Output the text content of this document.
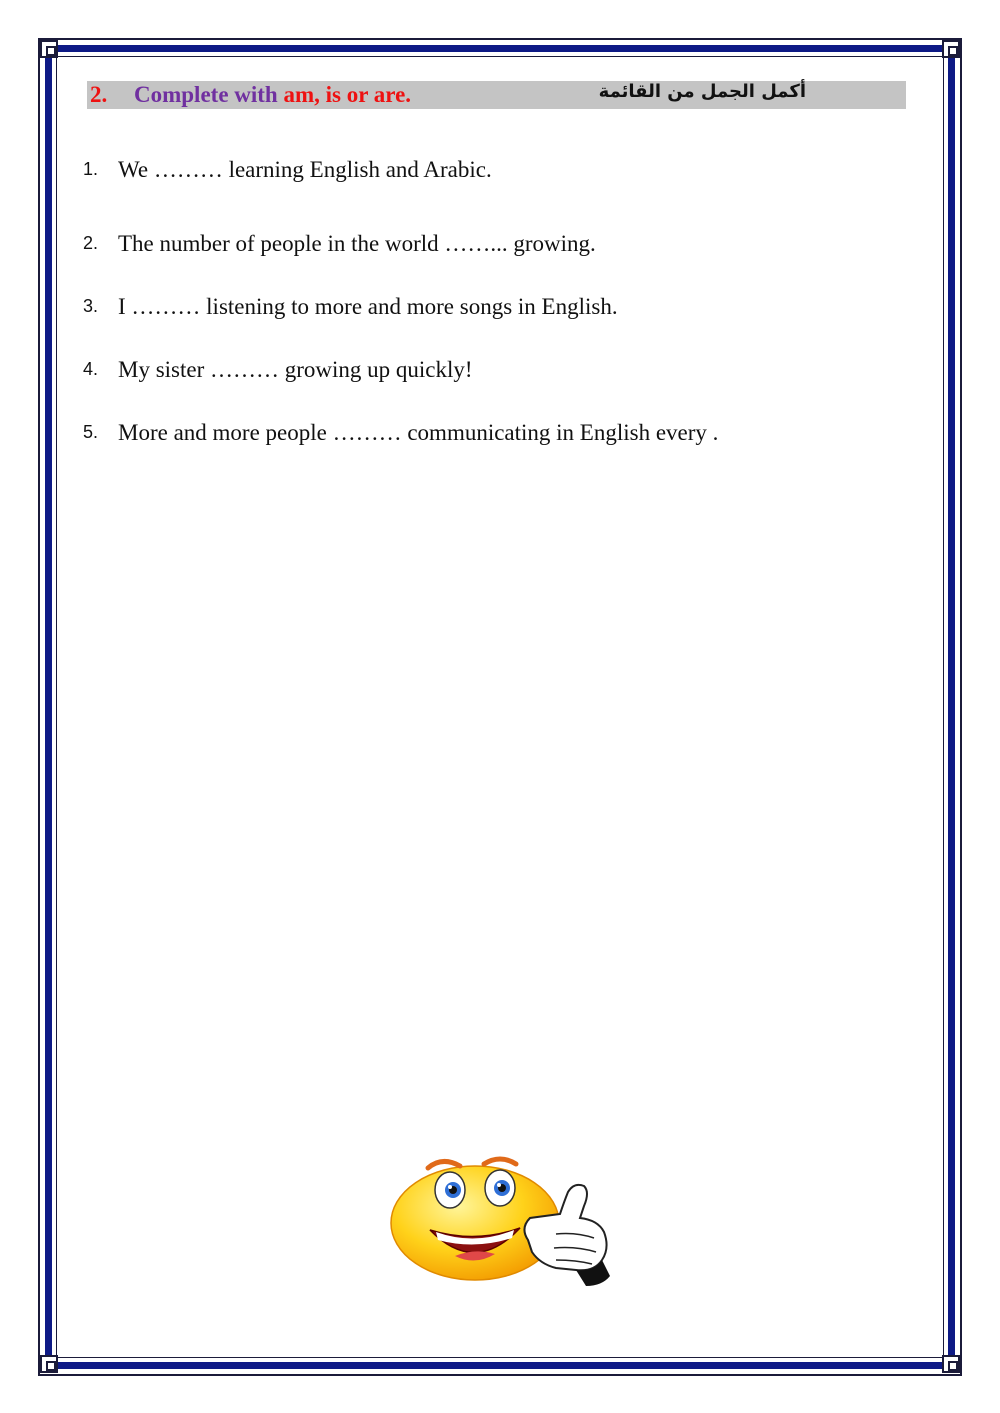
2. Complete with am, is or are.	أكمل الجمل من القائمة
1. We ……… learning English and Arabic.
2. The number of people in the world ……... growing.
3. I ……… listening to more and more songs in English.
4. My sister ……… growing up quickly!
5. More and more people ……… communicating in English every .
